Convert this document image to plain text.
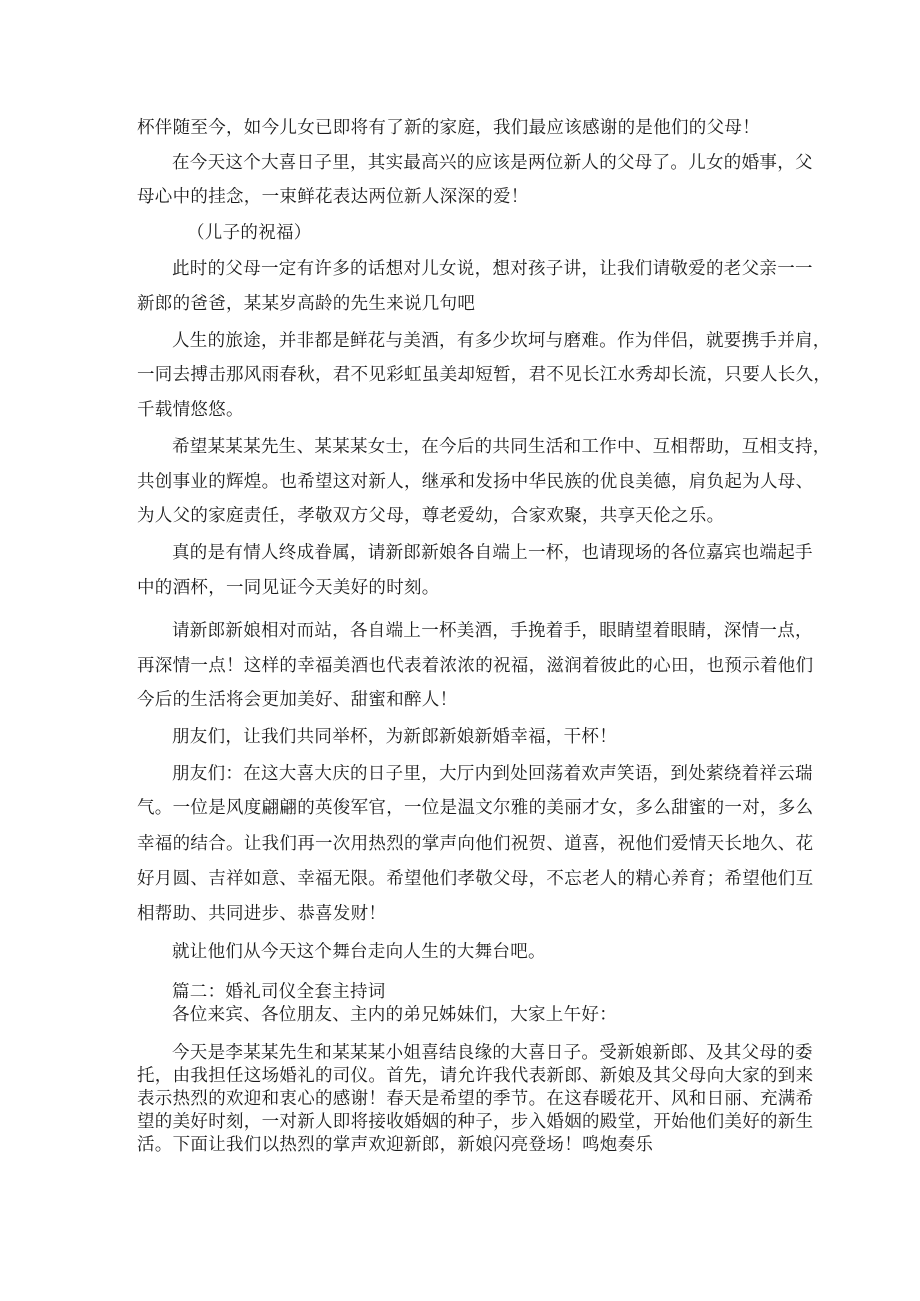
杯伴随至今，如今儿女已即将有了新的家庭，我们最应该感谢的是他们的父母！
在今天这个大喜日子里，其实最高兴的应该是两位新人的父母了。儿女的婚事，父
母心中的挂念，一束鲜花表达两位新人深深的爱！
（儿子的祝福）
此时的父母一定有许多的话想对儿女说，想对孩子讲，让我们请敬爱的老父亲一一
新郎的爸爸，某某岁高龄的先生来说几句吧
人生的旅途，并非都是鲜花与美酒，有多少坎坷与磨难。作为伴侣，就要携手并肩，
一同去搏击那风雨春秋，君不见彩虹虽美却短暂，君不见长江水秀却长流，只要人长久，
千载情悠悠。
希望某某某先生、某某某女士，在今后的共同生活和工作中、互相帮助，互相支持，
共创事业的辉煌。也希望这对新人，继承和发扬中华民族的优良美德，肩负起为人母、
为人父的家庭责任，孝敬双方父母，尊老爱幼，合家欢聚，共享天伦之乐。
真的是有情人终成眷属，请新郎新娘各自端上一杯，也请现场的各位嘉宾也端起手
中的酒杯，一同见证今天美好的时刻。
请新郎新娘相对而站，各自端上一杯美酒，手挽着手，眼睛望着眼睛，深情一点，
再深情一点！这样的幸福美酒也代表着浓浓的祝福，滋润着彼此的心田，也预示着他们
今后的生活将会更加美好、甜蜜和醉人！
朋友们，让我们共同举杯，为新郎新娘新婚幸福，干杯！
朋友们：在这大喜大庆的日子里，大厅内到处回荡着欢声笑语，到处萦绕着祥云瑞
气。一位是风度翩翩的英俊军官，一位是温文尔雅的美丽才女，多么甜蜜的一对，多么
幸福的结合。让我们再一次用热烈的掌声向他们祝贺、道喜，祝他们爱情天长地久、花
好月圆、吉祥如意、幸福无限。希望他们孝敬父母，不忘老人的精心养育；希望他们互
相帮助、共同进步、恭喜发财！
就让他们从今天这个舞台走向人生的大舞台吧。
篇二：婚礼司仪全套主持词
各位来宾、各位朋友、主内的弟兄姊妹们，大家上午好：
今天是李某某先生和某某某小姐喜结良缘的大喜日子。受新娘新郎、及其父母的委
托，由我担任这场婚礼的司仪。首先，请允许我代表新郎、新娘及其父母向大家的到来
表示热烈的欢迎和衷心的感谢！春天是希望的季节。在这春暖花开、风和日丽、充满希
望的美好时刻，一对新人即将接收婚姻的种子，步入婚姻的殿堂，开始他们美好的新生
活。下面让我们以热烈的掌声欢迎新郎，新娘闪亮登场！鸣炮奏乐
